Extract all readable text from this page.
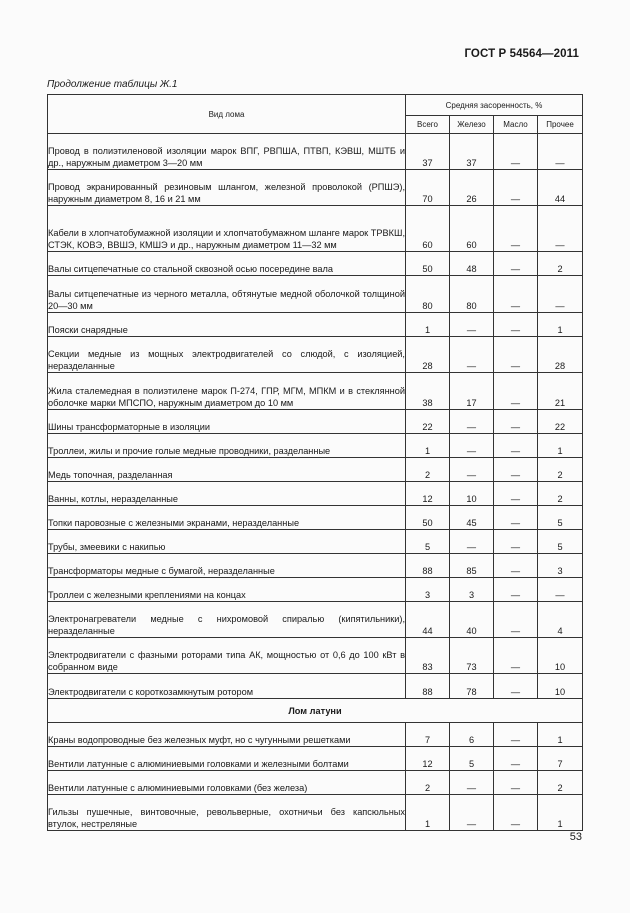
ГОСТ Р 54564—2011
Продолжение таблицы Ж.1
Вид лома	Средняя засоренность, %			
	Всего	Железо	Масло	Прочее
Провод в полиэтиленовой изоляции марок ВПГ, РВПША, ПТВП, КЭВШ, МШТБ и др., наружным диаметром 3—20 мм	37	37	—	—
Провод экранированный резиновым шлангом, железной проволокой (РПШЭ), наружным диаметром 8, 16 и 21 мм	70	26	—	44
Кабели в хлопчатобумажной изоляции и хлопчатобумажном шланге марок ТРВКШ, СТЭК, КОВЭ, ВВШЭ, КМШЭ и др., наружным диаметром 11—32 мм	60	60	—	—
Валы ситцепечатные со стальной сквозной осью посередине вала	50	48	—	2
Валы ситцепечатные из черного металла, обтянутые медной оболочкой толщиной 20—30 мм	80	80	—	—
Пояски снарядные	1	—	—	1
Секции медные из мощных электродвигателей со слюдой, с изоляцией, неразделанные	28	—	—	28
Жила сталемедная в полиэтилене марок П-274, ГПР, МГМ, МПКМ и в стеклянной оболочке марки МПСПО, наружным диаметром до 10 мм	38	17	—	21
Шины трансформаторные в изоляции	22	—	—	22
Троллеи, жилы и прочие голые медные проводники, разделанные	1	—	—	1
Медь топочная, разделанная	2	—	—	2
Ванны, котлы, неразделанные	12	10	—	2
Топки паровозные с железными экранами, неразделанные	50	45	—	5
Трубы, змеевики с накипью	5	—	—	5
Трансформаторы медные с бумагой, неразделанные	88	85	—	3
Троллеи с железными креплениями на концах	3	3	—	—
Электронагреватели медные с нихромовой спиралью (кипятильники), неразделанные	44	40	—	4
Электродвигатели с фазными роторами типа АК, мощностью от 0,6 до 100 кВт в собранном виде	83	73	—	10
Электродвигатели с короткозамкнутым ротором	88	78	—	10
Лом латуни				
Краны водопроводные без железных муфт, но с чугунными решетками	7	6	—	1
Вентили латунные с алюминиевыми головками и железными болтами	12	5	—	7
Вентили латунные с алюминиевыми головками (без железа)	2	—	—	2
Гильзы пушечные, винтовочные, револьверные, охотничьи без капсюльных втулок, нестреляные	1	—	—	1
53
